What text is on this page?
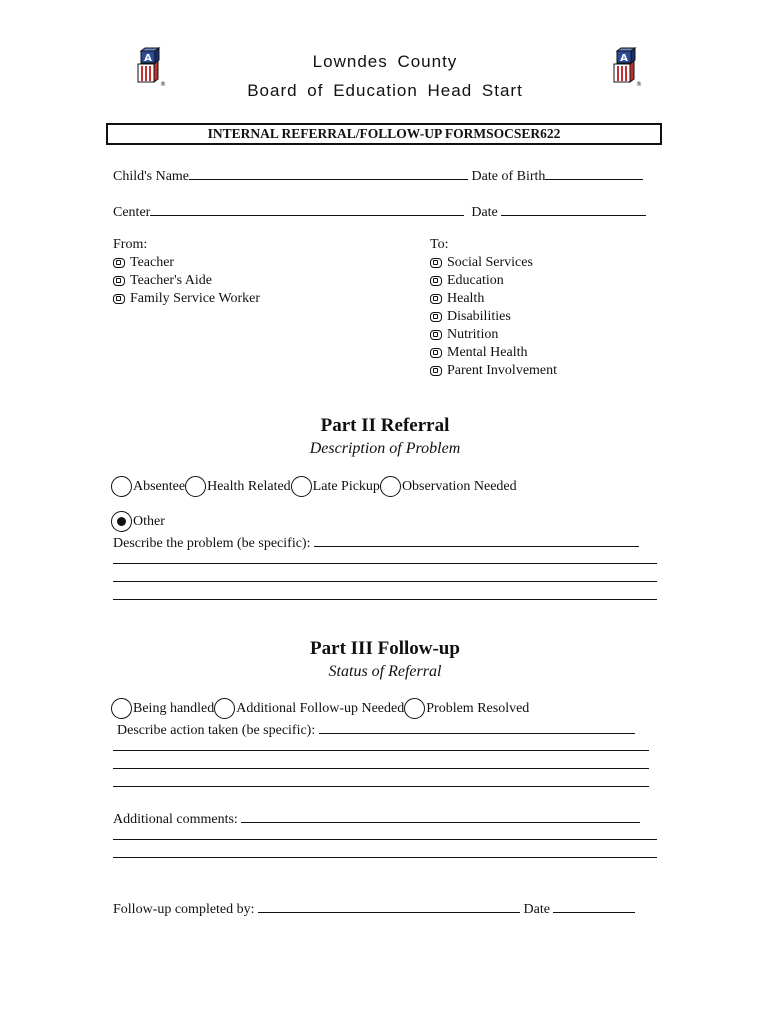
A
®
A
®
Lowndes County
Board of Education Head Start
INTERNAL REFERRAL/FOLLOW-UP FORMSOCSER622
Child's Name	Date of Birth
Center	Date
From:
Teacher
Teacher's Aide
Family Service Worker
To:
Social Services
Education
Health
Disabilities
Nutrition
Mental Health
Parent Involvement
Part II Referral
Description of Problem
Absentee Health Related Late Pickup Observation Needed
Other
Describe the problem (be specific):
Part III Follow-up
Status of Referral
Being handled Additional Follow-up Needed Problem Resolved
Describe action taken (be specific):
Additional comments:
Follow-up completed by:	Date
